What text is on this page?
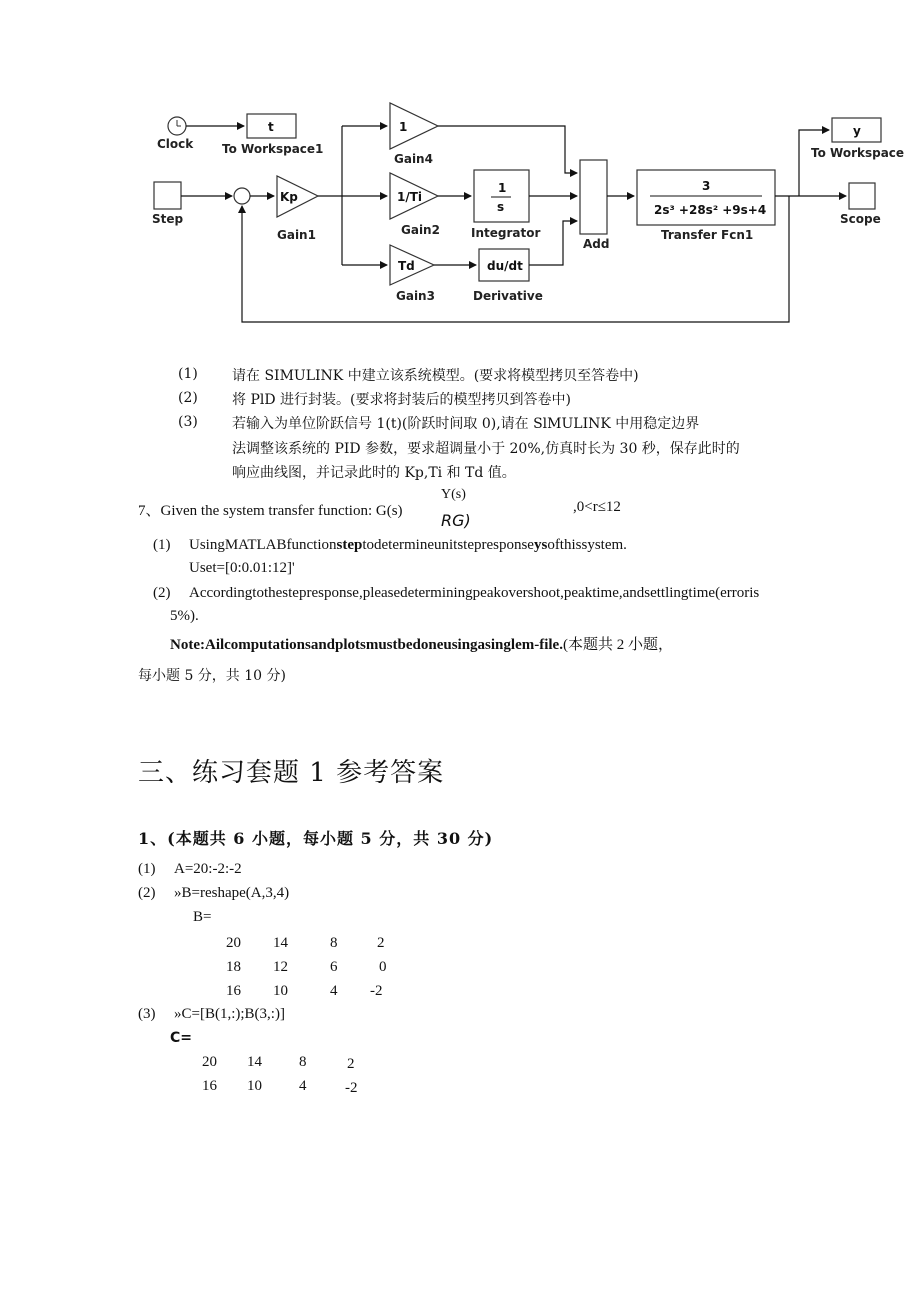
Clock
t
To Workspace1
Step
Kp
Gain1
1
Gain4
1/Ti
Gain2
Td
Gain3
1
s
Integrator
du/dt
Derivative
Add
3
2s³ +28s² +9s+4
Transfer Fcn1
y
To Workspace
Scope
(1) 请在 SIMULINK 中建立该系统模型。(要求将模型拷贝至答卷中)
(2) 将 PlD 进行封装。(要求将封装后的模型拷贝到答卷中)
(3) 若输入为单位阶跃信号 1(t)(阶跃时间取 0),请在 SlMULINK 中用稳定边界
法调整该系统的 PID 参数，要求超调量小于 20%,仿真时长为 30 秒，保存此时的
响应曲线图，并记录此时的 Kp,Ti 和 Td 值。
7、Given the system transfer function: G(s)
Y(s)
RG)
,0<r≤12
(1) UsingMATLABfunctionsteptodetermineunitstepresponseysofthissystem.
Uset=[0:0.01:12]'
(2) Accordingtothestepresponse,pleasedeterminingpeakovershoot,peaktime,andsettlingtime(erroris
5%).
Note:Ailcomputationsandplotsmustbedoneusingasinglem-file.(本题共 2 小题，
每小题 5 分，共 10 分)
三、练习套题 1 参考答案
1、(本题共 6 小题，每小题 5 分，共 30 分)
(1) A=20:-2:-2
(2) »B=reshape(A,3,4)
B=
20 14	8	2
18 12	6	0
16 10	4 -2
(3) »C=[B(1,:);B(3,:)]
C=
20 14 8	2
16 10 4	-2
